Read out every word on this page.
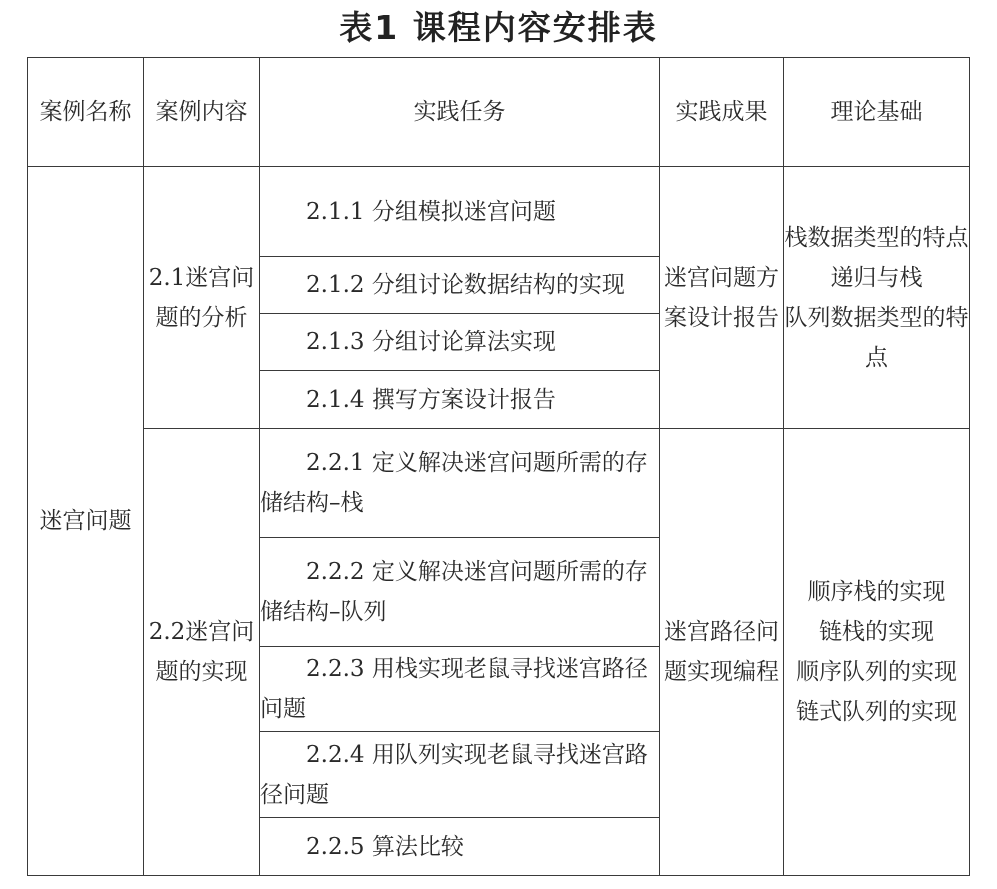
表1 课程内容安排表
案例名称	案例内容	实践任务	实践成果	理论基础
迷宫问题	2.1迷宫问题的分析	2.1.1 分组模拟迷宫问题	迷宫问题方案设计报告	栈数据类型的特点
递归与栈
队列数据类型的特点

		2.1.2 分组讨论数据结构的实现		

		2.1.3 分组讨论算法实现		

		2.1.4 撰写方案设计报告		

	2.2迷宫问题的实现	2.2.1 定义解决迷宫问题所需的存储结构–栈	迷宫路径问题实现编程	顺序栈的实现
链栈的实现
顺序队列的实现
链式队列的实现

		2.2.2 定义解决迷宫问题所需的存储结构–队列		

		2.2.3 用栈实现老鼠寻找迷宫路径问题		

		2.2.4 用队列实现老鼠寻找迷宫路径问题		

		2.2.5 算法比较		
